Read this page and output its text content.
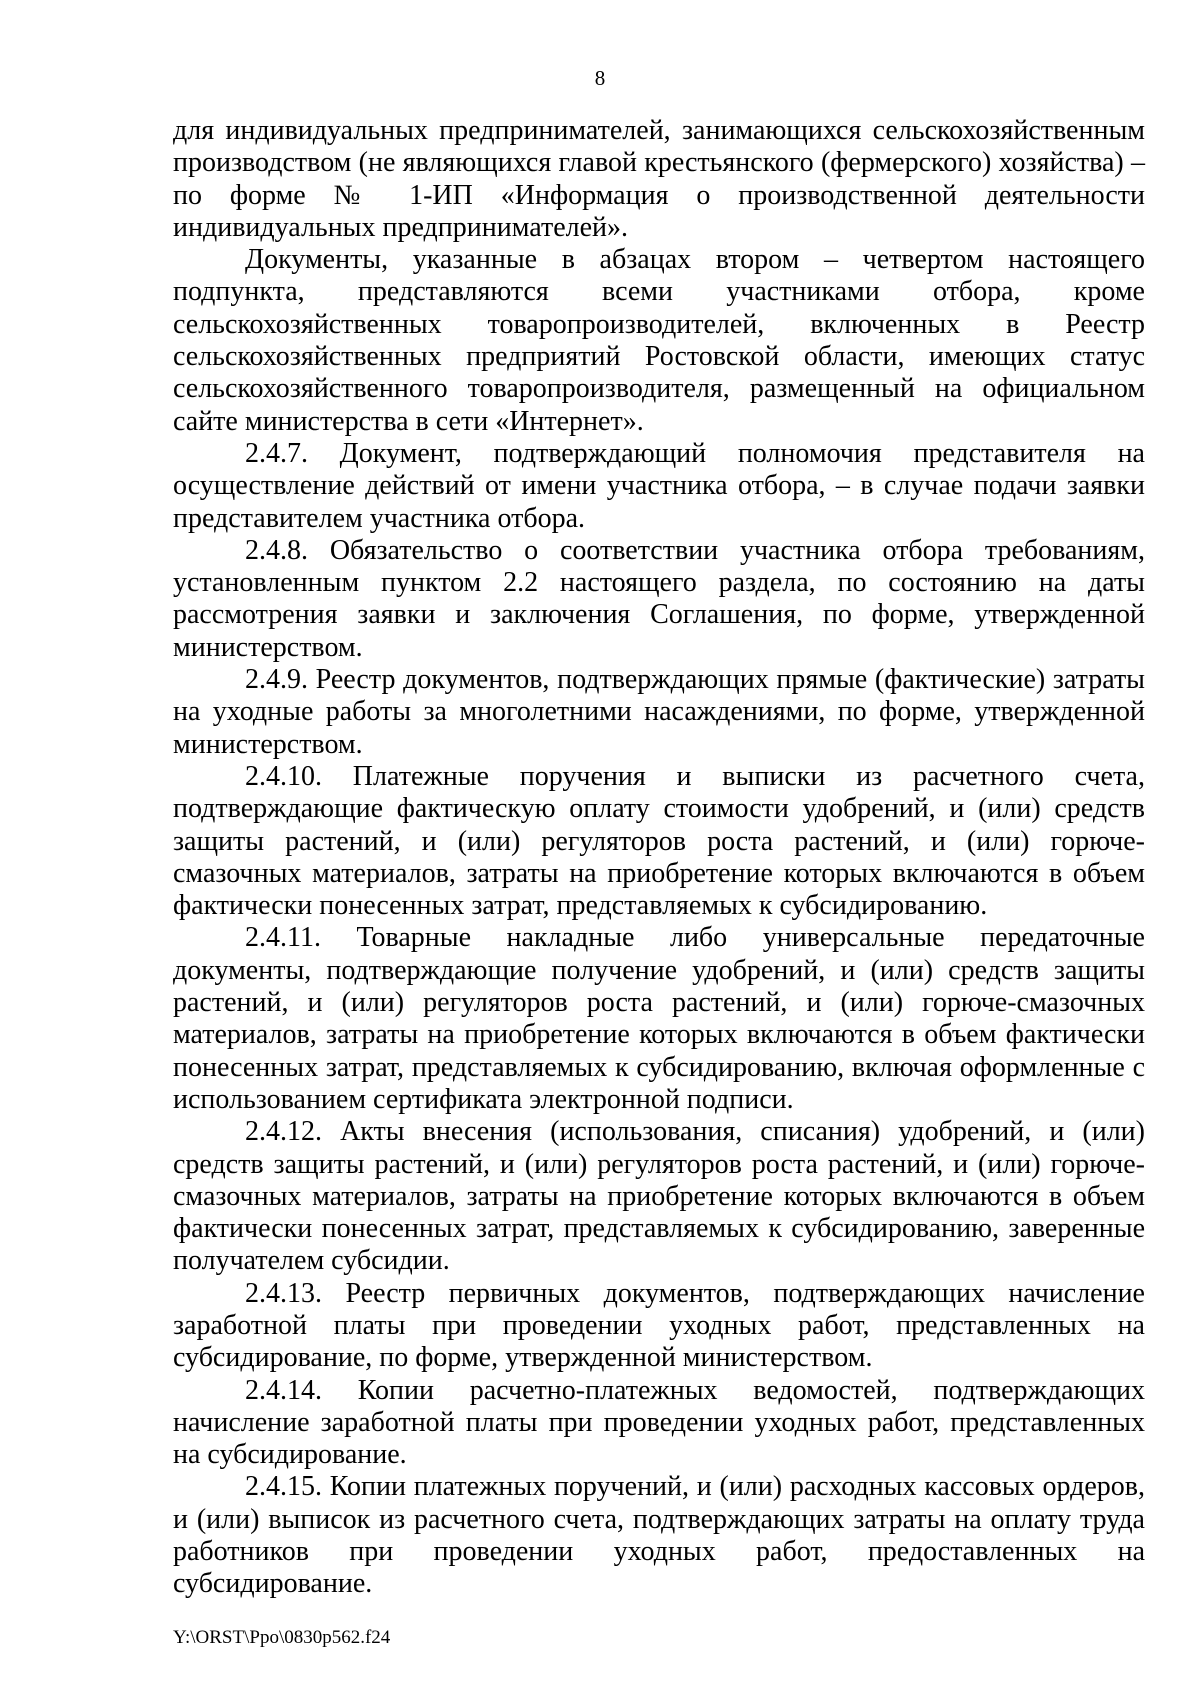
8

для индивидуальных предпринимателей, занимающихся сельскохозяйственным производством (не являющихся главой крестьянского (фермерского) хозяйства) – по форме № 1-ИП «Информация о производственной деятельности индивидуальных предпринимателей».

Документы, указанные в абзацах втором – четвертом настоящего подпункта, представляются всеми участниками отбора, кроме сельскохозяйственных товаропроизводителей, включенных в Реестр сельскохозяйственных предприятий Ростовской области, имеющих статус сельскохозяйственного товаропроизводителя, размещенный на официальном сайте министерства в сети «Интернет».

2.4.7. Документ, подтверждающий полномочия представителя на осуществление действий от имени участника отбора, – в случае подачи заявки представителем участника отбора.

2.4.8. Обязательство о соответствии участника отбора требованиям, установленным пунктом 2.2 настоящего раздела, по состоянию на даты рассмотрения заявки и заключения Соглашения, по форме, утвержденной министерством.

2.4.9. Реестр документов, подтверждающих прямые (фактические) затраты на уходные работы за многолетними насаждениями, по форме, утвержденной министерством.

2.4.10. Платежные поручения и выписки из расчетного счета, подтверждающие фактическую оплату стоимости удобрений, и (или) средств защиты растений, и (или) регуляторов роста растений, и (или) горюче-смазочных материалов, затраты на приобретение которых включаются в объем фактически понесенных затрат, представляемых к субсидированию.

2.4.11. Товарные накладные либо универсальные передаточные документы, подтверждающие получение удобрений, и (или) средств защиты растений, и (или) регуляторов роста растений, и (или) горюче-смазочных материалов, затраты на приобретение которых включаются в объем фактически понесенных затрат, представляемых к субсидированию, включая оформленные с использованием сертификата электронной подписи.

2.4.12. Акты внесения (использования, списания) удобрений, и (или) средств защиты растений, и (или) регуляторов роста растений, и (или) горюче-смазочных материалов, затраты на приобретение которых включаются в объем фактически понесенных затрат, представляемых к субсидированию, заверенные получателем субсидии.

2.4.13. Реестр первичных документов, подтверждающих начисление заработной платы при проведении уходных работ, представленных на субсидирование, по форме, утвержденной министерством.

2.4.14. Копии расчетно-платежных ведомостей, подтверждающих начисление заработной платы при проведении уходных работ, представленных на субсидирование.

2.4.15. Копии платежных поручений, и (или) расходных кассовых ордеров, и (или) выписок из расчетного счета, подтверждающих затраты на оплату труда работников при проведении уходных работ, предоставленных на субсидирование.

Y:\ORST\Ppo\0830p562.f24
